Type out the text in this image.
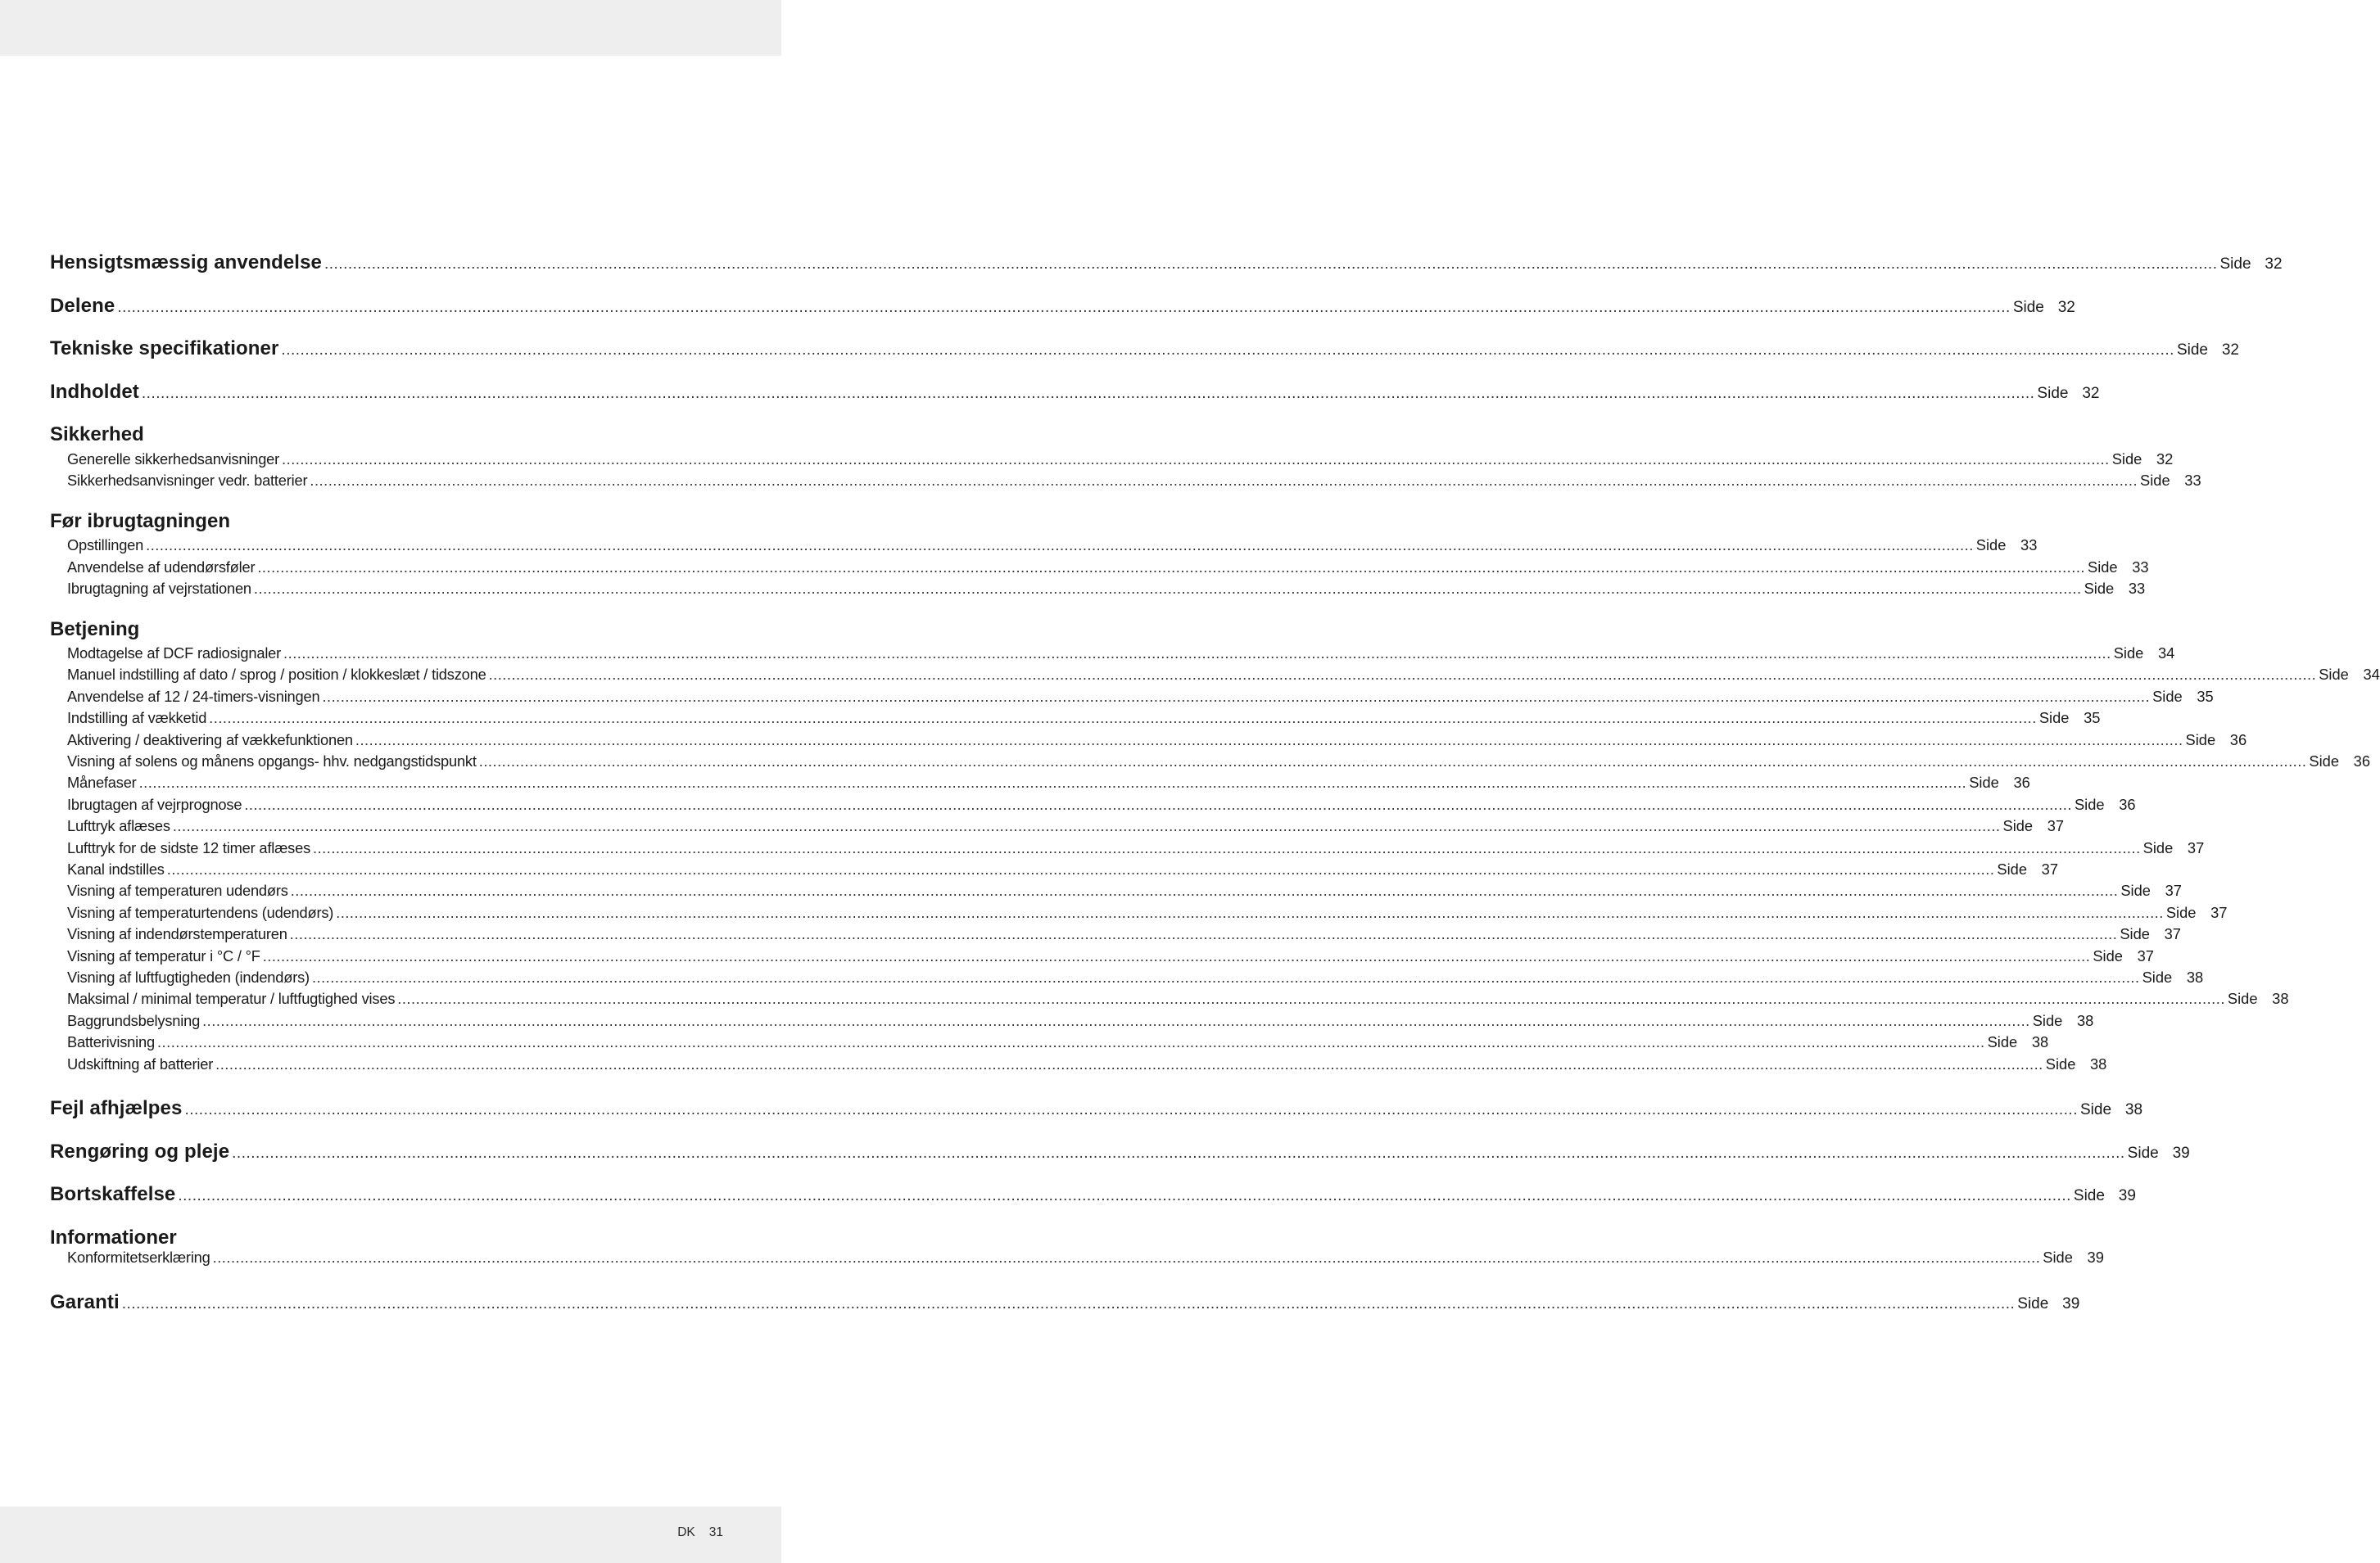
Hensigtsmæssig anvendelse ................................................................................................................................................................................................................................................................................................................................................................................................................ Side 32
Delene ................................................................................................................................................................................................................................................................................................................................................................................................................ Side 32
Tekniske specifikationer ................................................................................................................................................................................................................................................................................................................................................................................................................ Side 32
Indholdet ................................................................................................................................................................................................................................................................................................................................................................................................................ Side 32
Sikkerhed
Generelle sikkerhedsanvisninger ................................................................................................................................................................................................................................................................................................................................................................................................................ Side 32
Sikkerhedsanvisninger vedr. batterier ................................................................................................................................................................................................................................................................................................................................................................................................................ Side 33
Før ibrugtagningen
Opstillingen ................................................................................................................................................................................................................................................................................................................................................................................................................ Side 33
Anvendelse af udendørsføler ................................................................................................................................................................................................................................................................................................................................................................................................................ Side 33
Ibrugtagning af vejrstationen ................................................................................................................................................................................................................................................................................................................................................................................................................ Side 33
Betjening
Modtagelse af DCF radiosignaler ................................................................................................................................................................................................................................................................................................................................................................................................................ Side 34
Manuel indstilling af dato / sprog / position / klokkeslæt / tidszone ................................................................................................................................................................................................................................................................................................................................................................................................................ Side 34
Anvendelse af 12 / 24-timers-visningen ................................................................................................................................................................................................................................................................................................................................................................................................................ Side 35
Indstilling af vækketid ................................................................................................................................................................................................................................................................................................................................................................................................................ Side 35
Aktivering / deaktivering af vækkefunktionen ................................................................................................................................................................................................................................................................................................................................................................................................................ Side 36
Visning af solens og månens opgangs- hhv. nedgangstidspunkt ................................................................................................................................................................................................................................................................................................................................................................................................................ Side 36
Månefaser ................................................................................................................................................................................................................................................................................................................................................................................................................ Side 36
Ibrugtagen af vejrprognose ................................................................................................................................................................................................................................................................................................................................................................................................................ Side 36
Lufttryk aflæses ................................................................................................................................................................................................................................................................................................................................................................................................................ Side 37
Lufttryk for de sidste 12 timer aflæses ................................................................................................................................................................................................................................................................................................................................................................................................................ Side 37
Kanal indstilles ................................................................................................................................................................................................................................................................................................................................................................................................................ Side 37
Visning af temperaturen udendørs ................................................................................................................................................................................................................................................................................................................................................................................................................ Side 37
Visning af temperaturtendens (udendørs) ................................................................................................................................................................................................................................................................................................................................................................................................................ Side 37
Visning af indendørstemperaturen ................................................................................................................................................................................................................................................................................................................................................................................................................ Side 37
Visning af temperatur i °C / °F ................................................................................................................................................................................................................................................................................................................................................................................................................ Side 37
Visning af luftfugtigheden (indendørs) ................................................................................................................................................................................................................................................................................................................................................................................................................ Side 38
Maksimal / minimal temperatur / luftfugtighed vises ................................................................................................................................................................................................................................................................................................................................................................................................................ Side 38
Baggrundsbelysning ................................................................................................................................................................................................................................................................................................................................................................................................................ Side 38
Batterivisning ................................................................................................................................................................................................................................................................................................................................................................................................................ Side 38
Udskiftning af batterier ................................................................................................................................................................................................................................................................................................................................................................................................................ Side 38
Fejl afhjælpes ................................................................................................................................................................................................................................................................................................................................................................................................................ Side 38
Rengøring og pleje ................................................................................................................................................................................................................................................................................................................................................................................................................ Side 39
Bortskaffelse ................................................................................................................................................................................................................................................................................................................................................................................................................ Side 39
Informationer
Konformitetserklæring ................................................................................................................................................................................................................................................................................................................................................................................................................ Side 39
Garanti ................................................................................................................................................................................................................................................................................................................................................................................................................ Side 39
DK 31
